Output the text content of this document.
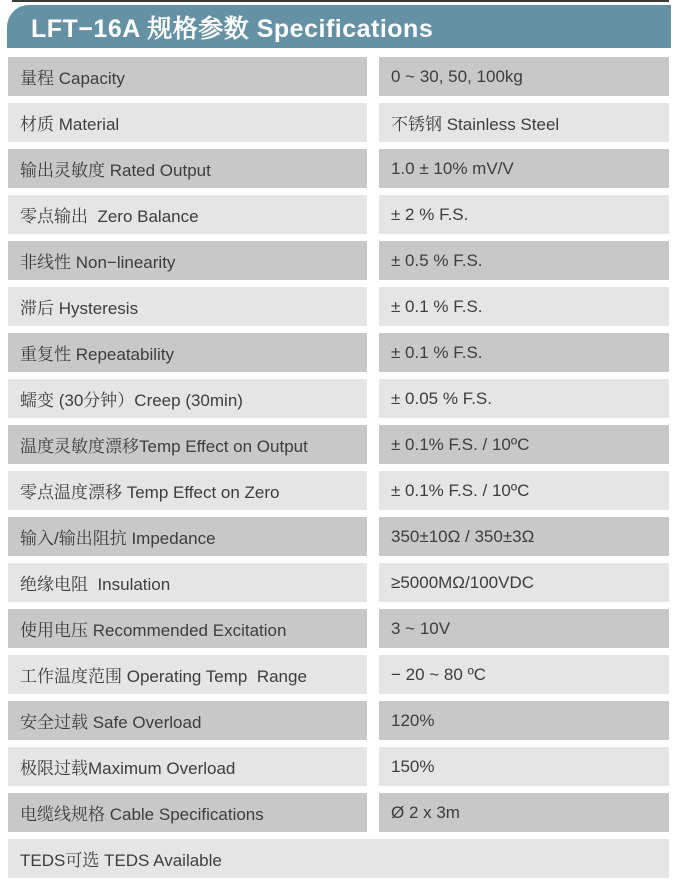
LFT−16A 规格参数 Specifications
量程 Capacity	0 ~ 30, 50, 100kg
材质 Material	不锈钢 Stainless Steel
输出灵敏度 Rated Output	1.0 ± 10% mV/V
零点输出  Zero Balance	± 2 % F.S.
非线性 Non−linearity	± 0.5 % F.S.
滞后 Hysteresis	± 0.1 % F.S.
重复性 Repeatability	± 0.1 % F.S.
蠕变 (30分钟）Creep (30min)	± 0.05 % F.S.
温度灵敏度漂移Temp Effect on Output	± 0.1% F.S. / 10ºC
零点温度漂移 Temp Effect on Zero	± 0.1% F.S. / 10ºC
输入/输出阻抗 Impedance	350±10Ω / 350±3Ω
绝缘电阻  Insulation	≥5000MΩ/100VDC
使用电压 Recommended Excitation	3 ~ 10V
工作温度范围 Operating Temp  Range	− 20 ~ 80 ºC
安全过载 Safe Overload	120%
极限过载Maximum Overload	150%
电缆线规格 Cable Specifications	Ø 2 x 3m
TEDS可选 TEDS Available
